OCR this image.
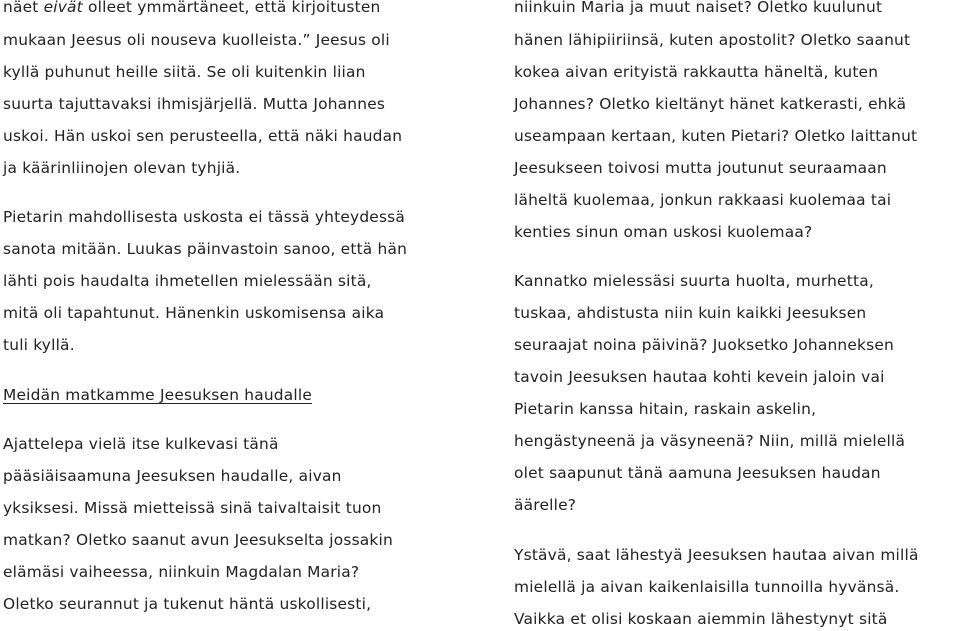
näet eivät olleet ymmärtäneet, että kirjoitusten
mukaan Jeesus oli nouseva kuolleista.” Jeesus oli
kyllä puhunut heille siitä. Se oli kuitenkin liian
suurta tajuttavaksi ihmisjärjellä. Mutta Johannes
uskoi. Hän uskoi sen perusteella, että näki haudan
ja käärinliinojen olevan tyhjiä.
Pietarin mahdollisesta uskosta ei tässä yhteydessä
sanota mitään. Luukas päinvastoin sanoo, että hän
lähti pois haudalta ihmetellen mielessään sitä,
mitä oli tapahtunut. Hänenkin uskomisensa aika
tuli kyllä.
Meidän matkamme Jeesuksen haudalle
Ajattelepa vielä itse kulkevasi tänä
pääsiäisaamuna Jeesuksen haudalle, aivan
yksiksesi. Missä mietteissä sinä taivaltaisit tuon
matkan? Oletko saanut avun Jeesukselta jossakin
elämäsi vaiheessa, niinkuin Magdalan Maria?
Oletko seurannut ja tukenut häntä uskollisesti,
niinkuin Maria ja muut naiset? Oletko kuulunut
hänen lähipiiriinsä, kuten apostolit? Oletko saanut
kokea aivan erityistä rakkautta häneltä, kuten
Johannes? Oletko kieltänyt hänet katkerasti, ehkä
useampaan kertaan, kuten Pietari? Oletko laittanut
Jeesukseen toivosi mutta joutunut seuraamaan
läheltä kuolemaa, jonkun rakkaasi kuolemaa tai
kenties sinun oman uskosi kuolemaa?
Kannatko mielessäsi suurta huolta, murhetta,
tuskaa, ahdistusta niin kuin kaikki Jeesuksen
seuraajat noina päivinä? Juoksetko Johanneksen
tavoin Jeesuksen hautaa kohti kevein jaloin vai
Pietarin kanssa hitain, raskain askelin,
hengästyneenä ja väsyneenä? Niin, millä mielellä
olet saapunut tänä aamuna Jeesuksen haudan
äärelle?
Ystävä, saat lähestyä Jeesuksen hautaa aivan millä
mielellä ja aivan kaikenlaisilla tunnoilla hyvänsä.
Vaikka et olisi koskaan aiemmin lähestynyt sitä
